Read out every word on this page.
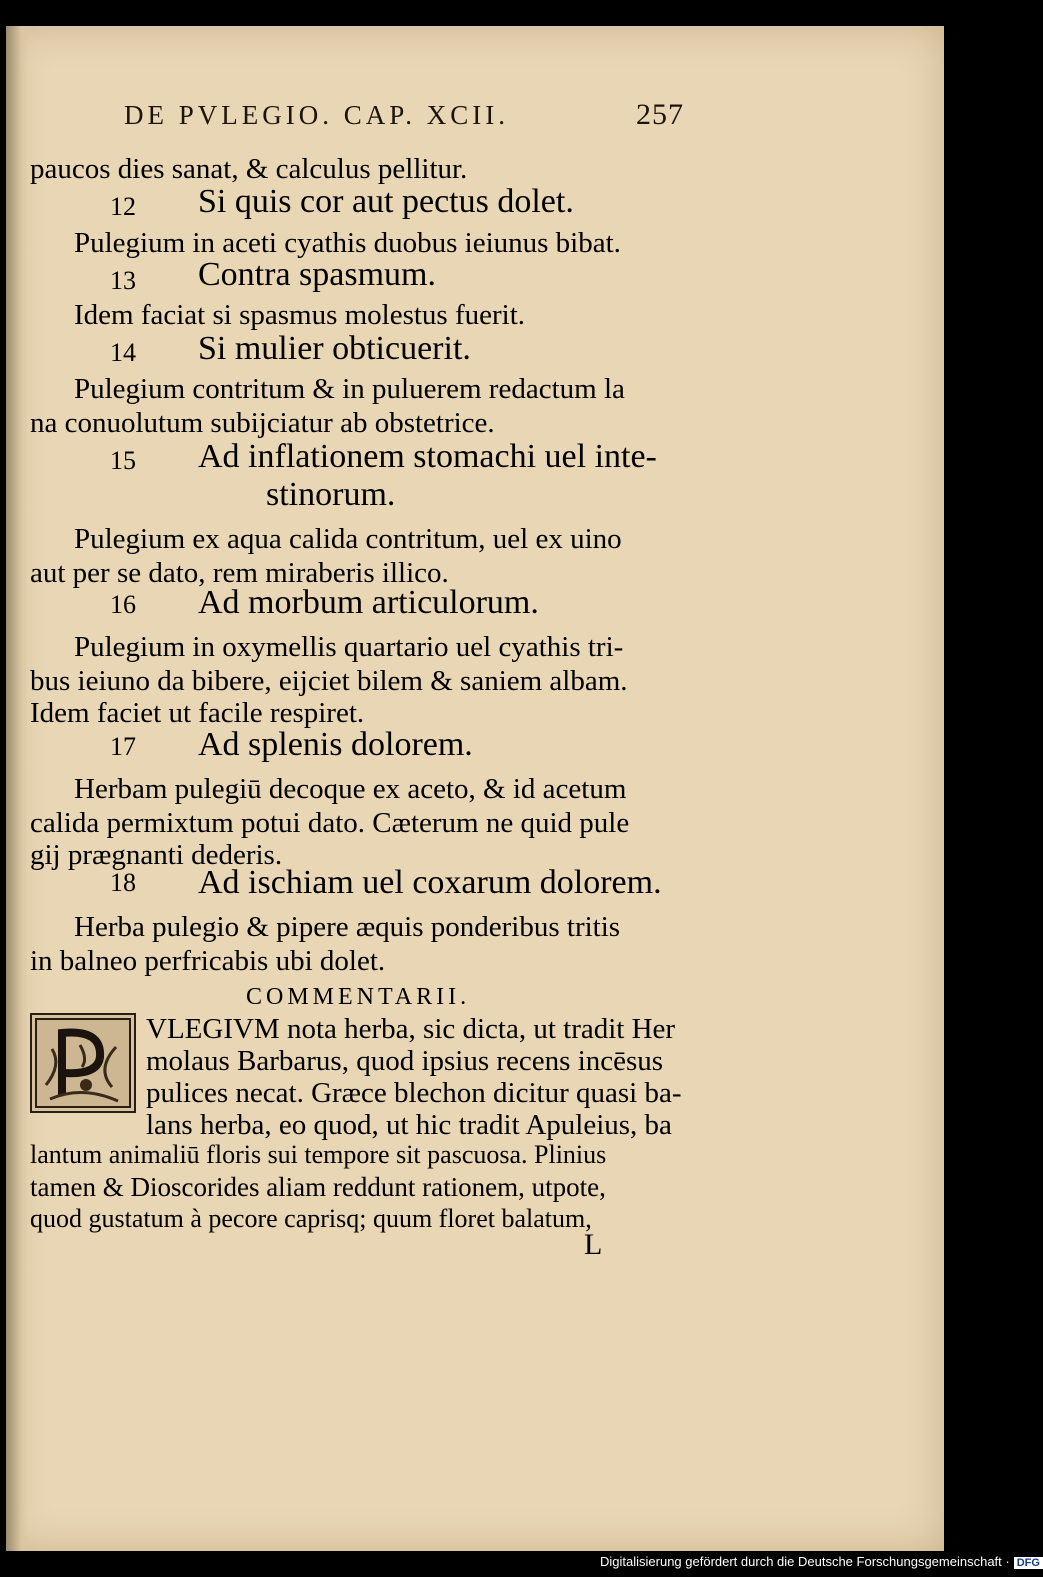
DE PVLEGIO. CAP. XCII.	257
12
13
14
15
16
17
18
paucos dies sanat, & calculus pellitur.
Si quis cor aut pectus dolet.
Pulegium in aceti cyathis duobus ieiunus bibat.
Contra spasmum.
Idem faciat si spasmus molestus fuerit.
Si mulier obticuerit.
Pulegium contritum & in puluerem redactum la
na conuolutum subijciatur ab obstetrice.
Ad inflationem stomachi uel inte-
stinorum.
Pulegium ex aqua calida contritum, uel ex uino
aut per se dato, rem miraberis illico.
Ad morbum articulorum.
Pulegium in oxymellis quartario uel cyathis tri-
bus ieiuno da bibere, eijciet bilem & saniem albam.
Idem faciet ut facile respiret.
Ad splenis dolorem.
Herbam pulegiū decoque ex aceto, & id acetum
calida permixtum potui dato. Cæterum ne quid pule
gij prægnanti dederis.
Ad ischiam uel coxarum dolorem.
Herba pulegio & pipere æquis ponderibus tritis
in balneo perfricabis ubi dolet.
COMMENTARII.
VLEGIVM nota herba, sic dicta, ut tradit Her
molaus Barbarus, quod ipsius recens incēsus
pulices necat. Græce blechon dicitur quasi ba-
lans herba, eo quod, ut hic tradit Apuleius, ba
lantum animaliū floris sui tempore sit pascuosa. Plinius
tamen & Dioscorides aliam reddunt rationem, utpote,
quod gustatum à pecore caprisq; quum floret balatum,
L
Digitalisierung gefördert durch die Deutsche Forschungsgemeinschaft · DFG
